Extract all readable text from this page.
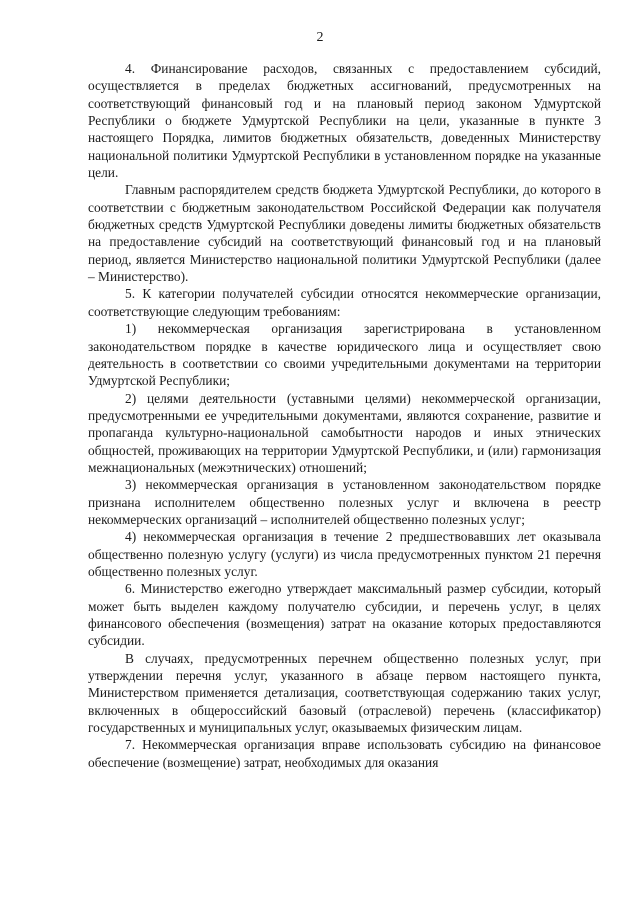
2

4. Финансирование расходов, связанных с предоставлением субсидий, осуществляется в пределах бюджетных ассигнований, предусмотренных на соответствующий финансовый год и на плановый период законом Удмуртской Республики о бюджете Удмуртской Республики на цели, указанные в пункте 3 настоящего Порядка, лимитов бюджетных обязательств, доведенных Министерству национальной политики Удмуртской Республики в установленном порядке на указанные цели.

Главным распорядителем средств бюджета Удмуртской Республики, до которого в соответствии с бюджетным законодательством Российской Федерации как получателя бюджетных средств Удмуртской Республики доведены лимиты бюджетных обязательств на предоставление субсидий на соответствующий финансовый год и на плановый период, является Министерство национальной политики Удмуртской Республики (далее – Министерство).

5. К категории получателей субсидии относятся некоммерческие организации, соответствующие следующим требованиям:

1) некоммерческая организация зарегистрирована в установленном законодательством порядке в качестве юридического лица и осуществляет свою деятельность в соответствии со своими учредительными документами на территории Удмуртской Республики;

2) целями деятельности (уставными целями) некоммерческой организации, предусмотренными ее учредительными документами, являются сохранение, развитие и пропаганда культурно-национальной самобытности народов и иных этнических общностей, проживающих на территории Удмуртской Республики, и (или) гармонизация межнациональных (межэтнических) отношений;

3) некоммерческая организация в установленном законодательством порядке признана исполнителем общественно полезных услуг и включена в реестр некоммерческих организаций – исполнителей общественно полезных услуг;

4) некоммерческая организация в течение 2 предшествовавших лет оказывала общественно полезную услугу (услуги) из числа предусмотренных пунктом 21 перечня общественно полезных услуг.

6. Министерство ежегодно утверждает максимальный размер субсидии, который может быть выделен каждому получателю субсидии, и перечень услуг, в целях финансового обеспечения (возмещения) затрат на оказание которых предоставляются субсидии.

В случаях, предусмотренных перечнем общественно полезных услуг, при утверждении перечня услуг, указанного в абзаце первом настоящего пункта, Министерством применяется детализация, соответствующая содержанию таких услуг, включенных в общероссийский базовый (отраслевой) перечень (классификатор) государственных и муниципальных услуг, оказываемых физическим лицам.

7. Некоммерческая организация вправе использовать субсидию на финансовое обеспечение (возмещение) затрат, необходимых для оказания
